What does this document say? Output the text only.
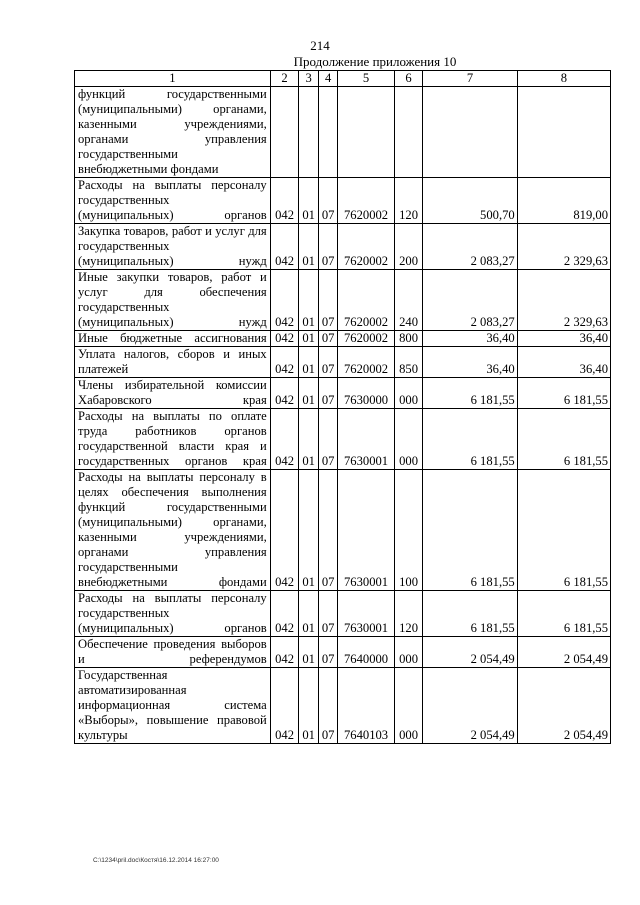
214
Продолжение приложения 10
1	2	3	4	5	6	7	8
функций государственными (муниципальными) органами, казенными учреждениями, органами управления государственными внебюджетными фондами							
Расходы на выплаты персоналу государственных (муниципальных) органов	042	01	07	7620002	120	500,70	819,00
Закупка товаров, работ и услуг для государственных (муниципальных) нужд	042	01	07	7620002	200	2 083,27	2 329,63
Иные закупки товаров, работ и услуг для обеспечения государственных (муниципальных) нужд	042	01	07	7620002	240	2 083,27	2 329,63
Иные бюджетные ассигнования	042	01	07	7620002	800	36,40	36,40
Уплата налогов, сборов и иных платежей	042	01	07	7620002	850	36,40	36,40
Члены избирательной комиссии Хабаровского края	042	01	07	7630000	000	6 181,55	6 181,55
Расходы на выплаты по оплате труда работников органов государственной власти края и государственных органов края	042	01	07	7630001	000	6 181,55	6 181,55
Расходы на выплаты персоналу в целях обеспечения выполнения функций государственными (муниципальными) органами, казенными учреждениями, органами управления государственными внебюджетными фондами	042	01	07	7630001	100	6 181,55	6 181,55
Расходы на выплаты персоналу государственных (муниципальных) органов	042	01	07	7630001	120	6 181,55	6 181,55
Обеспечение проведения выборов и референдумов	042	01	07	7640000	000	2 054,49	2 054,49
Государственная автоматизированная информационная система «Выборы», повышение правовой культуры	042	01	07	7640103	000	2 054,49	2 054,49
C:\1234\pril.doc\Костя\16.12.2014 16:27:00
